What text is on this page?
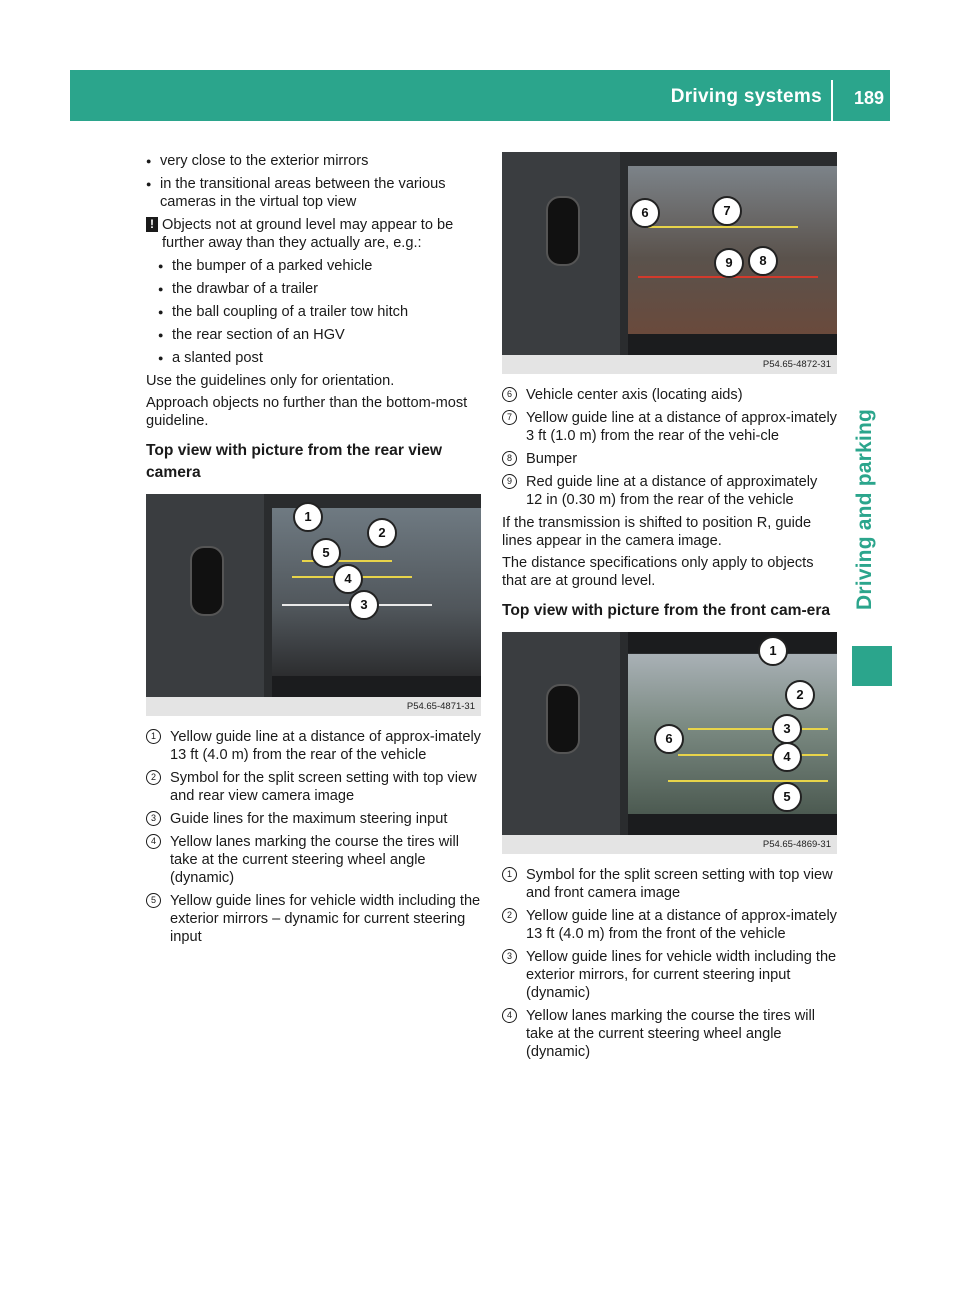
Driving systems 189
Driving and parking
● very close to the exterior mirrors
● in the transitional areas between the various cameras in the virtual top view
! Objects not at ground level may appear to be further away than they actually are, e.g.:
● the bumper of a parked vehicle
● the drawbar of a trailer
● the ball coupling of a trailer tow hitch
● the rear section of an HGV
● a slanted post

Use the guidelines only for orientation.

Approach objects no further than the bottom-most guideline.

Top view with picture from the rear view camera
1
2
5
4
3
P54.65-4871-31
1 Yellow guide line at a distance of approx-imately 13 ft (4.0 m) from the rear of the vehicle
2 Symbol for the split screen setting with top view and rear view camera image
3 Guide lines for the maximum steering input
4 Yellow lanes marking the course the tires will take at the current steering wheel angle (dynamic)
5 Yellow guide lines for vehicle width including the exterior mirrors – dynamic for current steering input
6	7
9	8
P54.65-4872-31
6 Vehicle center axis (locating aids)
7 Yellow guide line at a distance of approx-imately 3 ft (1.0 m) from the rear of the vehi-cle
8 Bumper
9 Red guide line at a distance of approximately 12 in (0.30 m) from the rear of the vehicle

If the transmission is shifted to position R, guide lines appear in the camera image.

The distance specifications only apply to objects that are at ground level.

Top view with picture from the front cam-era
1
2
3
6
4
5
P54.65-4869-31
1 Symbol for the split screen setting with top view and front camera image
2 Yellow guide line at a distance of approx-imately 13 ft (4.0 m) from the front of the vehicle
3 Yellow guide lines for vehicle width including the exterior mirrors, for current steering input (dynamic)
4 Yellow lanes marking the course the tires will take at the current steering wheel angle (dynamic)
